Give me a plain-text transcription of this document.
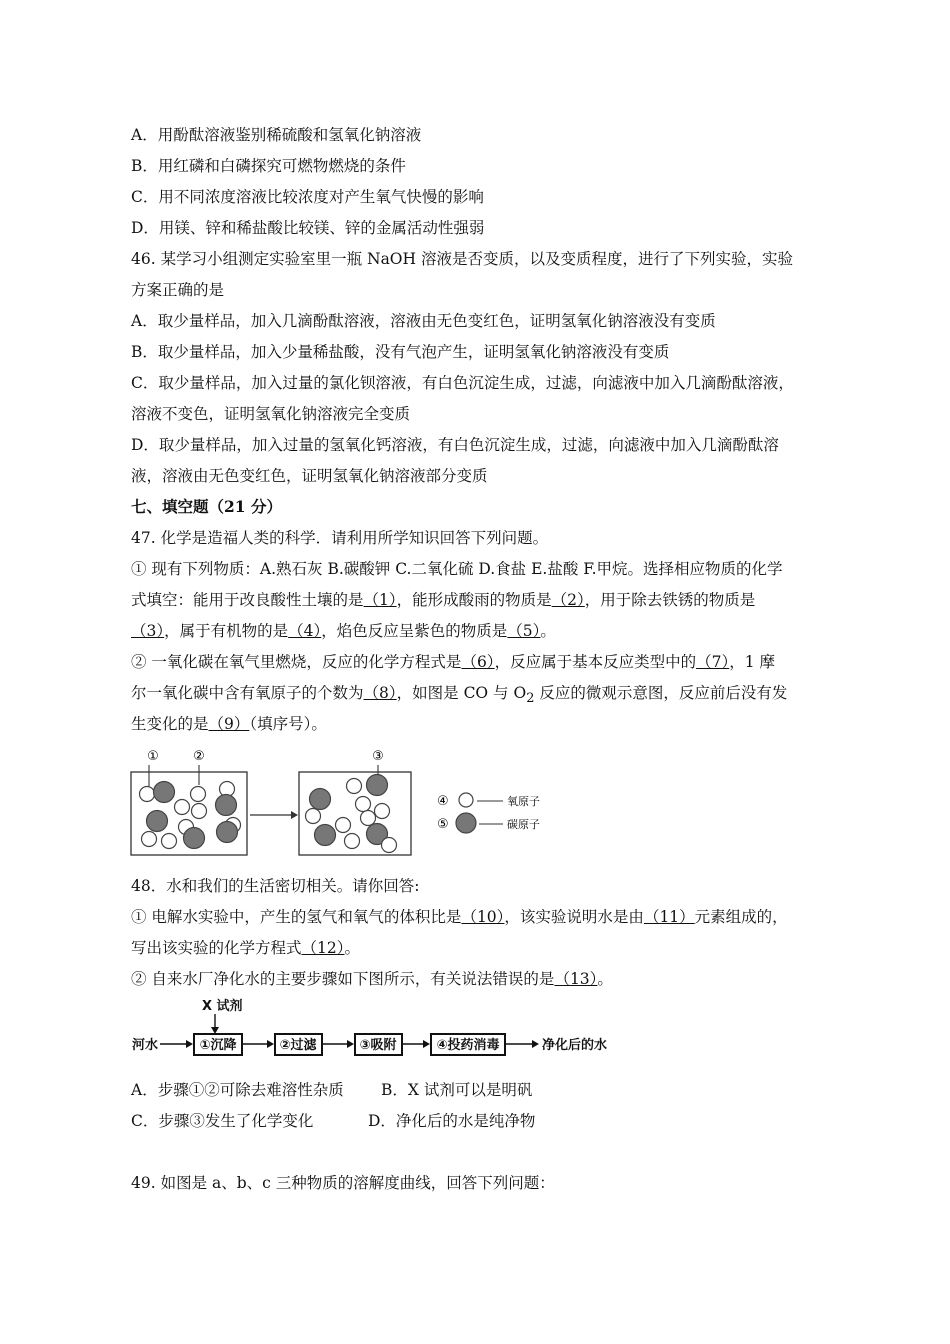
A．用酚酞溶液鉴别稀硫酸和氢氧化钠溶液
B．用红磷和白磷探究可燃物燃烧的条件
C．用不同浓度溶液比较浓度对产生氧气快慢的影响
D．用镁、锌和稀盐酸比较镁、锌的金属活动性强弱
46. 某学习小组测定实验室里一瓶 NaOH 溶液是否变质，以及变质程度，进行了下列实验，实验
方案正确的是
A．取少量样品，加入几滴酚酞溶液，溶液由无色变红色，证明氢氧化钠溶液没有变质
B．取少量样品，加入少量稀盐酸，没有气泡产生，证明氢氧化钠溶液没有变质
C．取少量样品，加入过量的氯化钡溶液，有白色沉淀生成，过滤，向滤液中加入几滴酚酞溶液，
溶液不变色，证明氢氧化钠溶液完全变质
D．取少量样品，加入过量的氢氧化钙溶液，有白色沉淀生成，过滤，向滤液中加入几滴酚酞溶
液，溶液由无色变红色，证明氢氧化钠溶液部分变质
七、填空题（21 分）
47. 化学是造福人类的科学．请利用所学知识回答下列问题。
① 现有下列物质：A.熟石灰 B.碳酸钾 C.二氧化硫 D.食盐 E.盐酸 F.甲烷。选择相应物质的化学
式填空：能用于改良酸性土壤的是（1），能形成酸雨的物质是（2），用于除去铁锈的物质是
（3），属于有机物的是（4），焰色反应呈紫色的物质是（5）。
② 一氧化碳在氧气里燃烧，反应的化学方程式是（6），反应属于基本反应类型中的（7），1 摩
尔一氧化碳中含有氧原子的个数为（8），如图是 CO 与 $O_2$ 反应的微观示意图，反应前后没有发
生变化的是（9）（填序号）。
①	②	③
④	氧原子
⑤	碳原子
48．水和我们的生活密切相关。请你回答:
① 电解水实验中，产生的氢气和氧气的体积比是（10），该实验说明水是由（11）元素组成的，
写出该实验的化学方程式（12）。
② 自来水厂净化水的主要步骤如下图所示，有关说法错误的是（13）。
X 试剂
河水	①沉降	②过滤	③吸附	④投药消毒	净化后的水
A．步骤①②可除去难溶性杂质 B．X 试剂可以是明矾
C．步骤③发生了化学变化	D．净化后的水是纯净物
49. 如图是 a、b、c 三种物质的溶解度曲线，回答下列问题：
